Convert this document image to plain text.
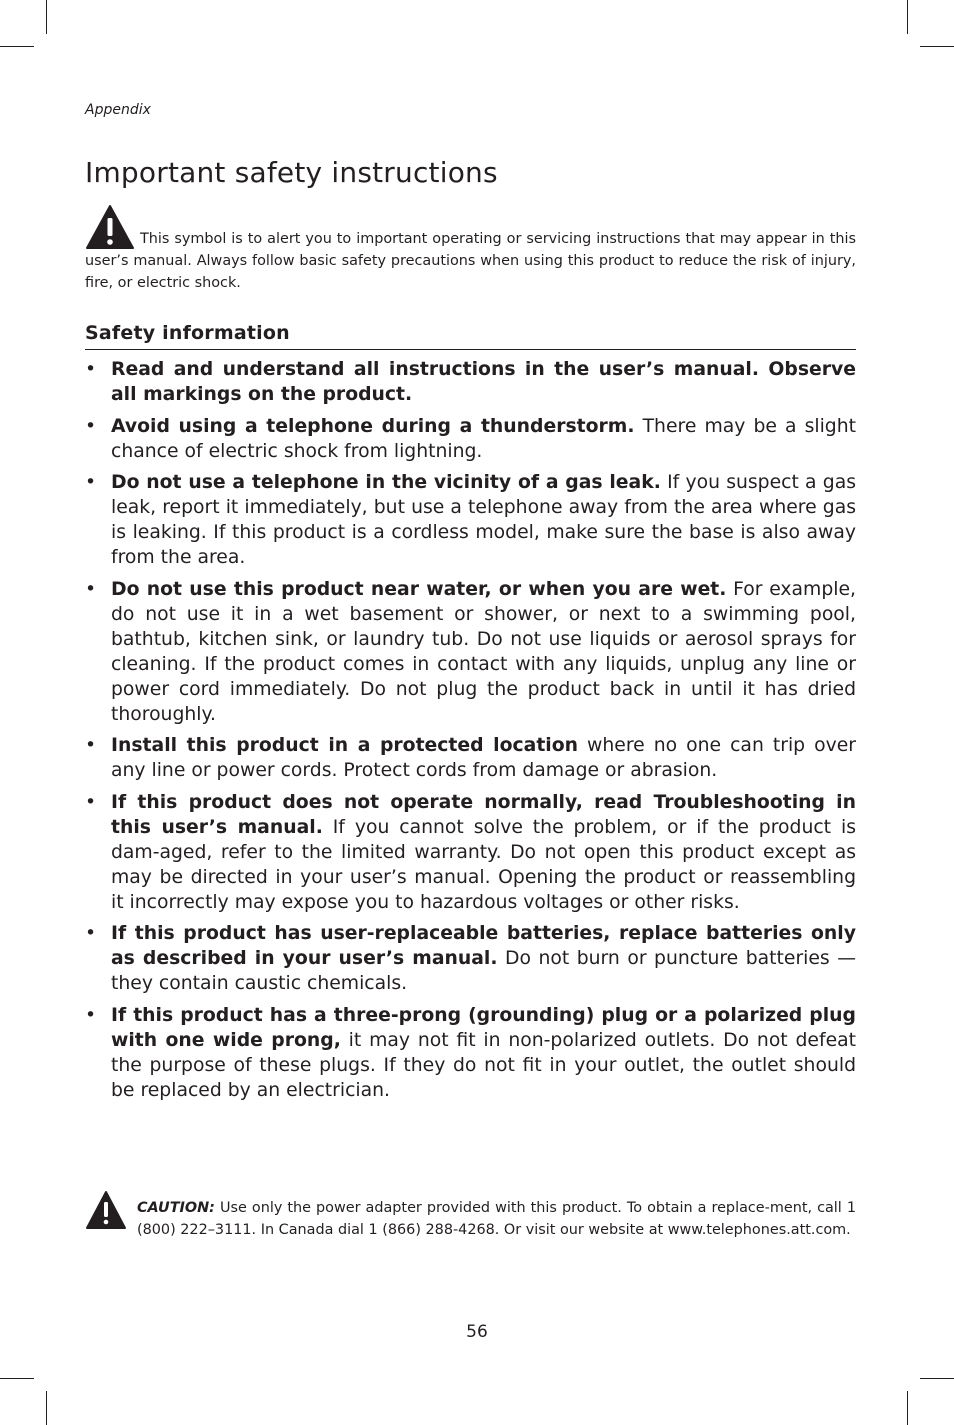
Appendix
Important safety instructions
This symbol is to alert you to important operating or servicing instructions that may appear in this user’s manual. Always follow basic safety precautions when using this product to reduce the risk of injury, fire, or electric shock.
Safety information
• Read and understand all instructions in the user’s manual. Observe all markings on the product.
• Avoid using a telephone during a thunderstorm. There may be a slight chance of electric shock from lightning.
• Do not use a telephone in the vicinity of a gas leak. If you suspect a gas leak, report it immediately, but use a telephone away from the area where gas is leaking. If this product is a cordless model, make sure the base is also away from the area.
• Do not use this product near water, or when you are wet. For example, do not use it in a wet basement or shower, or next to a swimming pool, bathtub, kitchen sink, or laundry tub. Do not use liquids or aerosol sprays for cleaning. If the product comes in contact with any liquids, unplug any line or power cord immediately. Do not plug the product back in until it has dried thoroughly.
• Install this product in a protected location where no one can trip over any line or power cords. Protect cords from damage or abrasion.
• If this product does not operate normally, read Troubleshooting in this user’s manual. If you cannot solve the problem, or if the product is dam-aged, refer to the limited warranty. Do not open this product except as may be directed in your user’s manual. Opening the product or reassembling it incorrectly may expose you to hazardous voltages or other risks.
• If this product has user-replaceable batteries, replace batteries only as described in your user’s manual. Do not burn or puncture batteries — they contain caustic chemicals.
• If this product has a three-prong (grounding) plug or a polarized plug with one wide prong, it may not fit in non-polarized outlets. Do not defeat the purpose of these plugs. If they do not fit in your outlet, the outlet should be replaced by an electrician.
CAUTION: Use only the power adapter provided with this product. To obtain a replace-ment, call 1 (800) 222–3111. In Canada dial 1 (866) 288-4268. Or visit our website at www.telephones.att.com.
56
